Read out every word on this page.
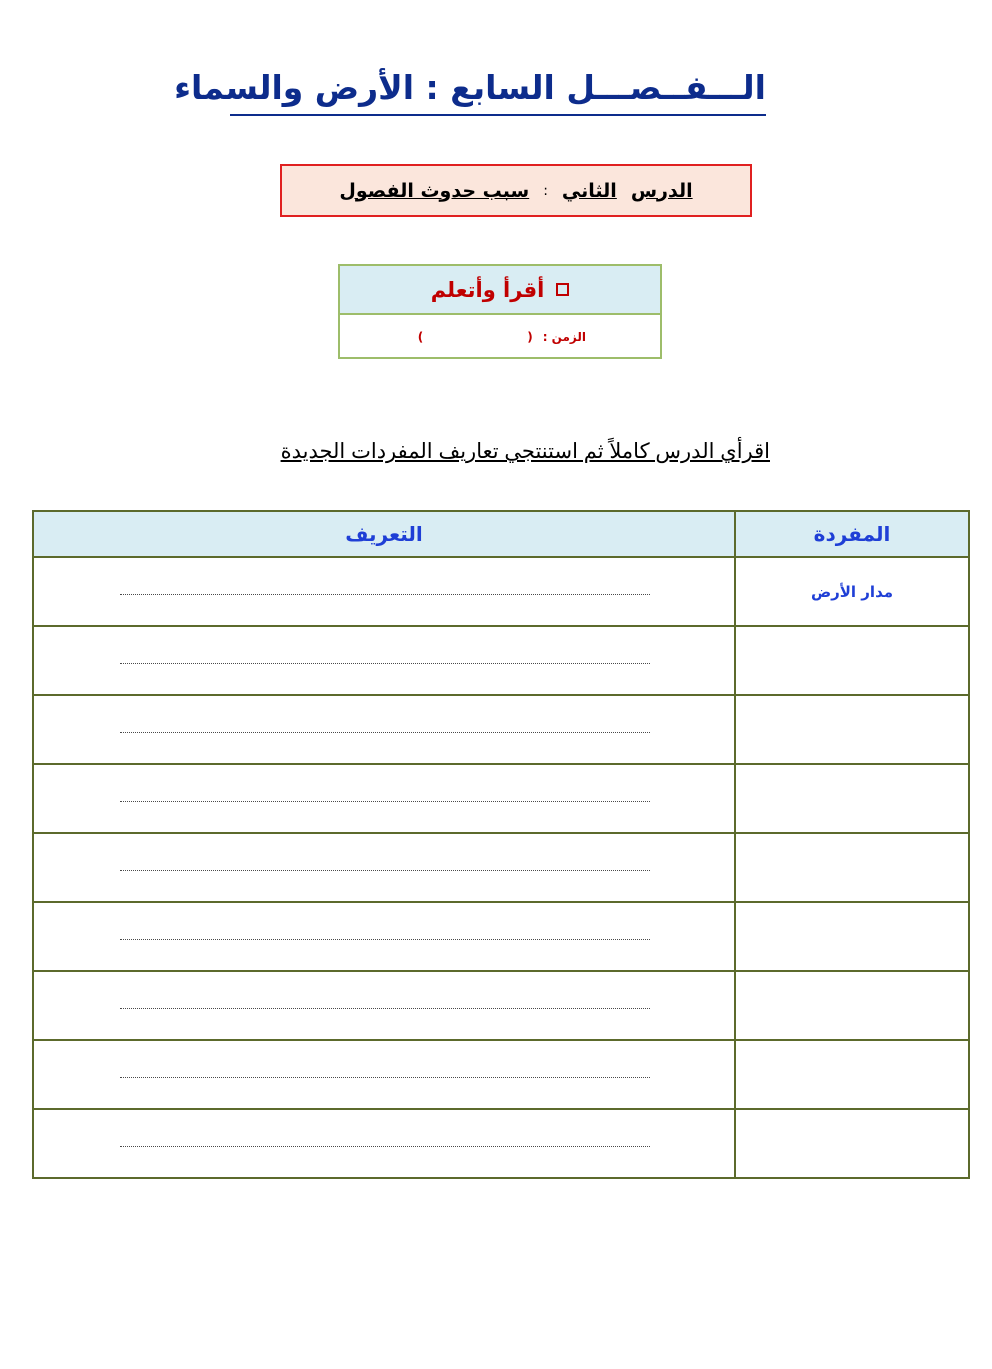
الـــفــصـــل السابع : الأرض والسماء
الدرس
الثاني
:
سبب حدوث الفصول
أقرأ وأتعلم
الزمن :
(
)
اقرأي الدرس كاملاً ثم استنتجي تعاريف المفردات الجديدة
المفردة	التعريف
مدار الأرض	
